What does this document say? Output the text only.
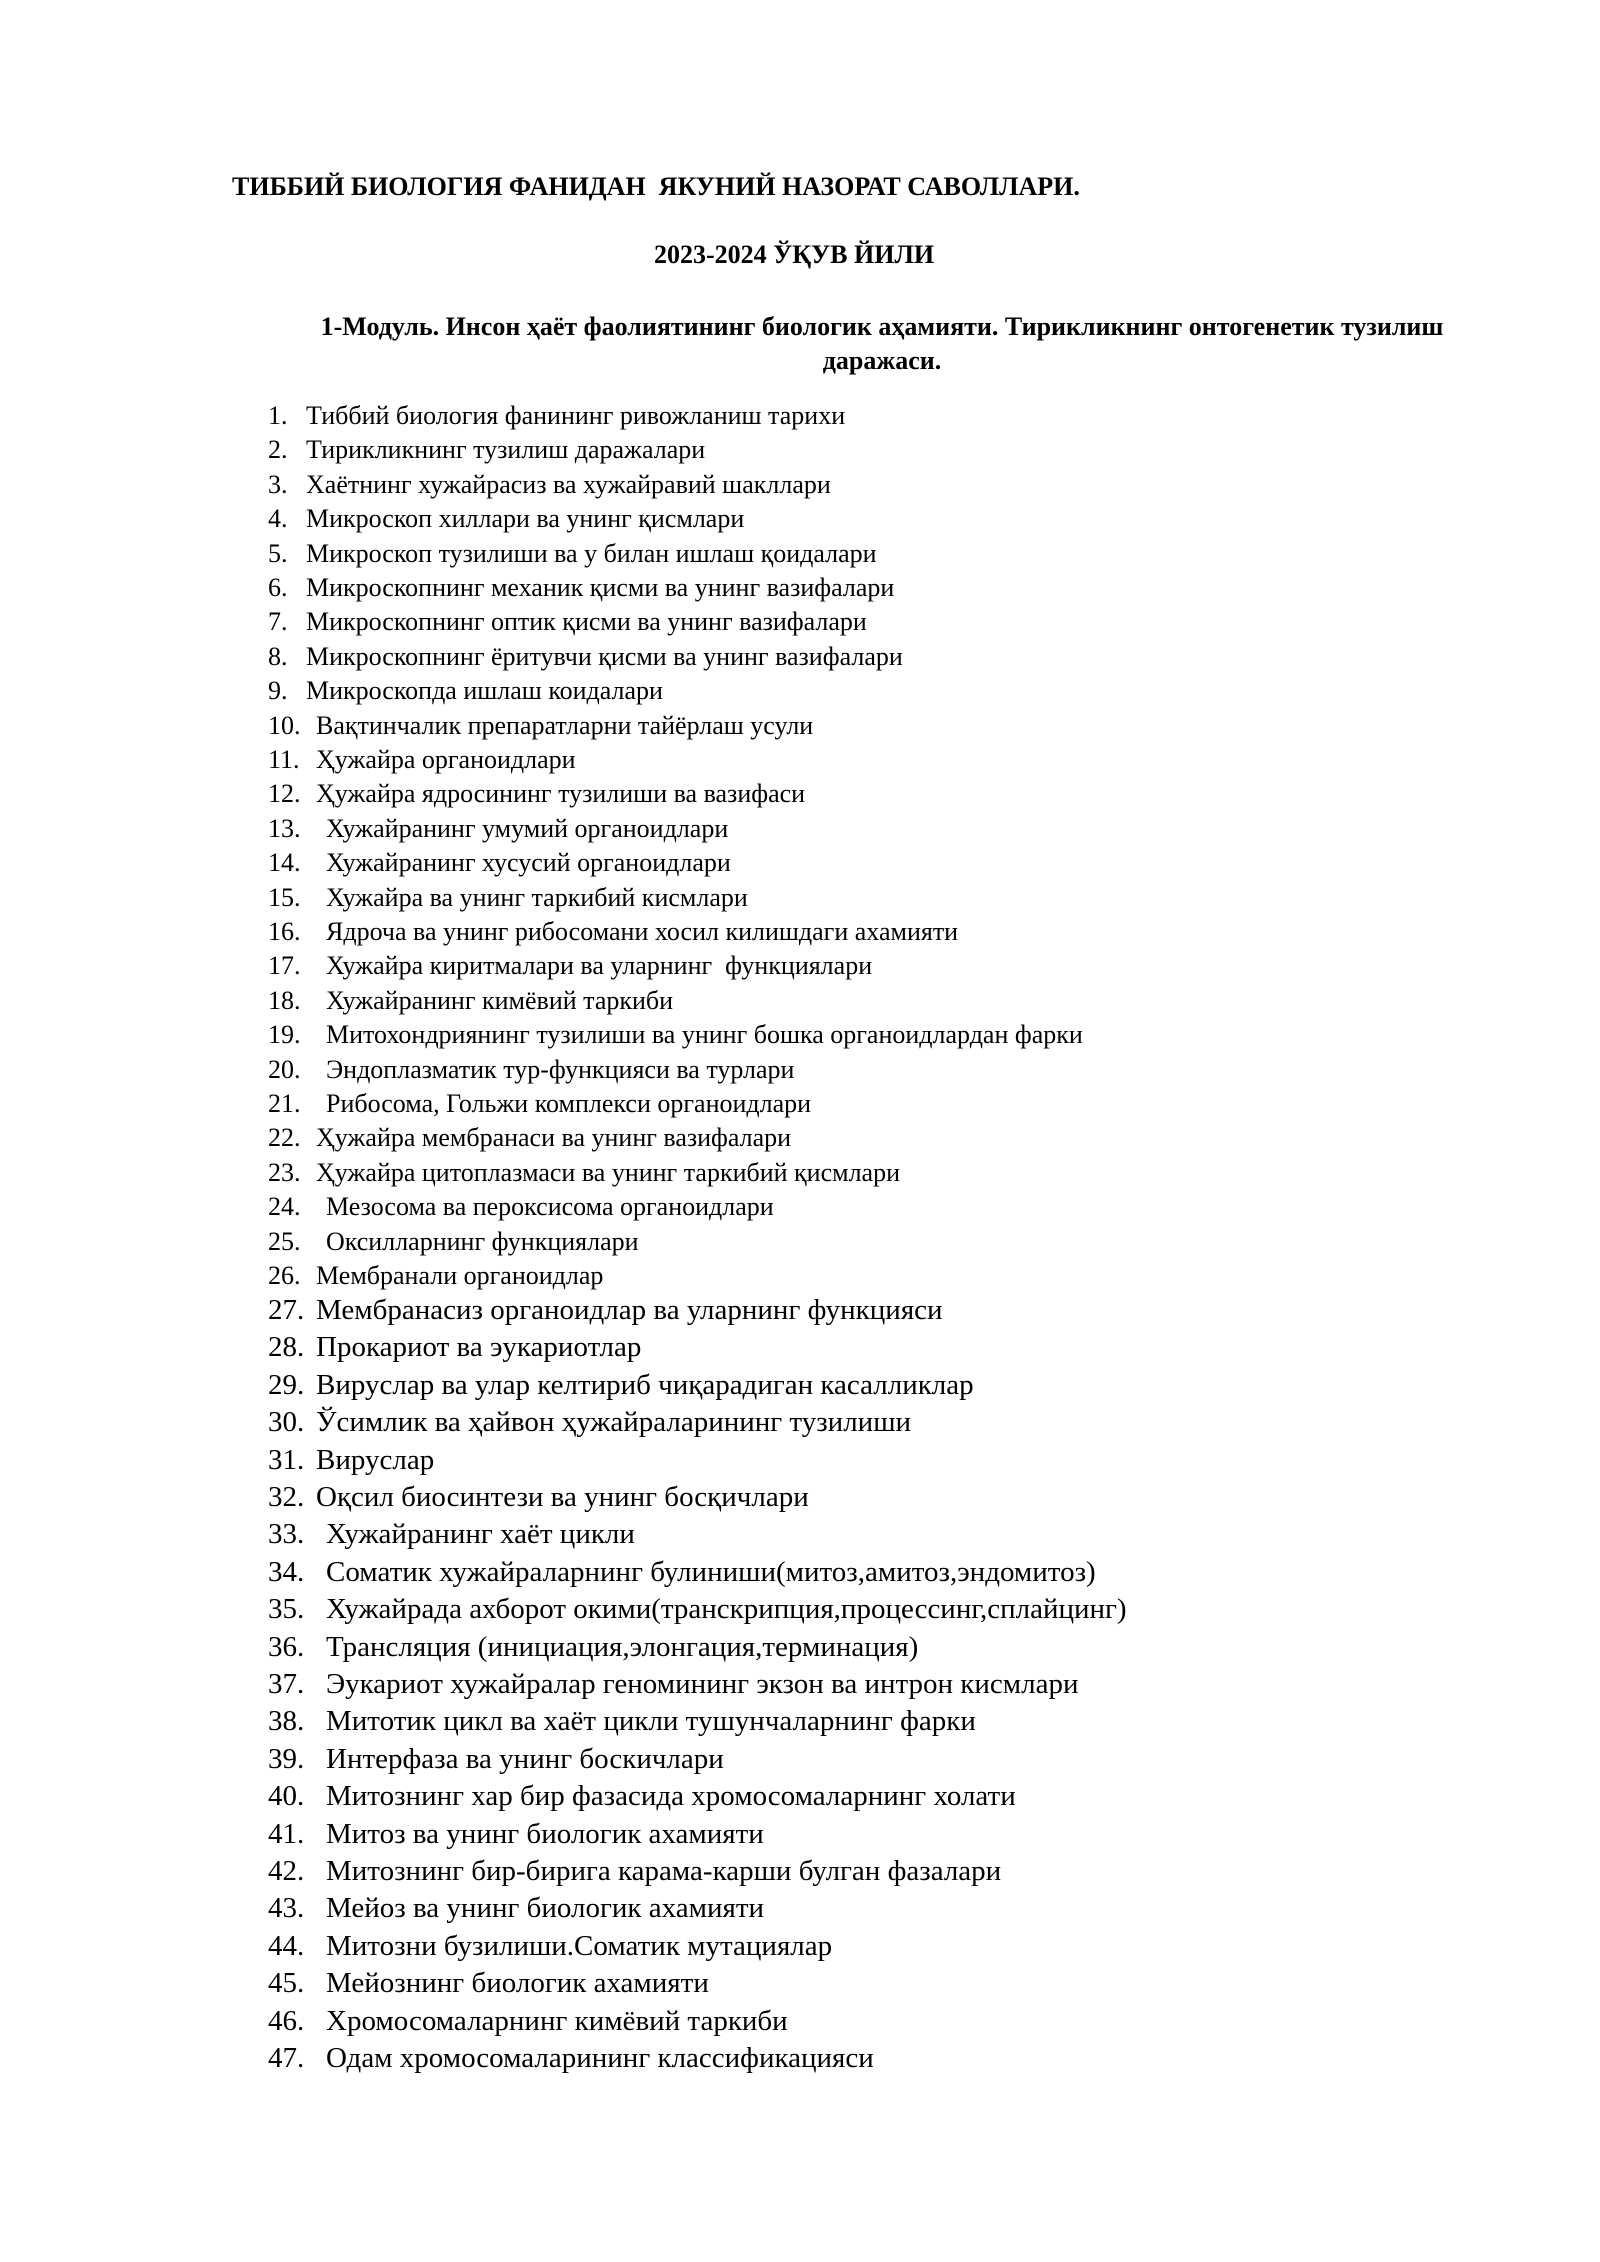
ТИББИЙ БИОЛОГИЯ ФАНИДАН  ЯКУНИЙ НАЗОРАТ САВОЛЛАРИ.
2023-2024 ЎҚУВ ЙИЛИ
1-Модуль. Инсон ҳаёт фаолиятининг биологик аҳамияти. Тирикликнинг онтогенетик тузилиш даражаси.
1. Тиббий биология фанининг ривожланиш тарихи
2. Тирикликнинг тузилиш даражалари
3. Хаётнинг хужайрасиз ва хужайравий шакллари
4. Микроскоп хиллари ва унинг қисмлари
5. Микроскоп тузилиши ва у билан ишлаш қоидалари
6. Микроскопнинг механик қисми ва унинг вазифалари
7. Микроскопнинг оптик қисми ва унинг вазифалари
8. Микроскопнинг ёритувчи қисми ва унинг вазифалари
9. Микроскопда ишлаш коидалари
10. Вақтинчалик препаратларни тайёрлаш усули
11. Ҳужайра органоидлари
12. Ҳужайра ядросининг тузилиши ва вазифаси
13. Хужайранинг умумий органоидлари
14. Хужайранинг хусусий органоидлари
15. Хужайра ва унинг таркибий кисмлари
16. Ядроча ва унинг рибосомани хосил килишдаги ахамияти
17. Хужайра киритмалари ва уларнинг  функциялари
18. Хужайранинг кимёвий таркиби
19. Митохондриянинг тузилиши ва унинг бошка органоидлардан фарки
20. Эндоплазматик тур-функцияси ва турлари
21. Рибосома, Гольжи комплекси органоидлари
22. Ҳужайра мембранаси ва унинг вазифалари
23. Ҳужайра цитоплазмаси ва унинг таркибий қисмлари
24. Мезосома ва пероксисома органоидлари
25. Оксилларнинг функциялари
26. Мембранали органоидлар
27. Мембранасиз органоидлар ва уларнинг функцияси
28. Прокариот ва эукариотлар
29. Вируслар ва улар келтириб чиқарадиган касалликлар
30. Ўсимлик ва ҳайвон ҳужайраларининг тузилиши
31. Вируслар
32. Оқсил биосинтези ва унинг босқичлари
33. Хужайранинг хаёт цикли
34. Соматик хужайраларнинг булиниши(митоз,амитоз,эндомитоз)
35. Хужайрада ахборот окими(транскрипция,процессинг,сплайцинг)
36. Трансляция (инициация,элонгация,терминация)
37. Эукариот хужайралар геномининг экзон ва интрон кисмлари
38. Митотик цикл ва хаёт цикли тушунчаларнинг фарки
39. Интерфаза ва унинг боскичлари
40. Митознинг хар бир фазасида хромосомаларнинг холати
41. Митоз ва унинг биологик ахамияти
42. Митознинг бир-бирига карама-карши булган фазалари
43. Мейоз ва унинг биологик ахамияти
44. Митозни бузилиши.Соматик мутациялар
45. Мейознинг биологик ахамияти
46. Хромосомаларнинг кимёвий таркиби
47. Одам хромосомаларининг классификацияси
